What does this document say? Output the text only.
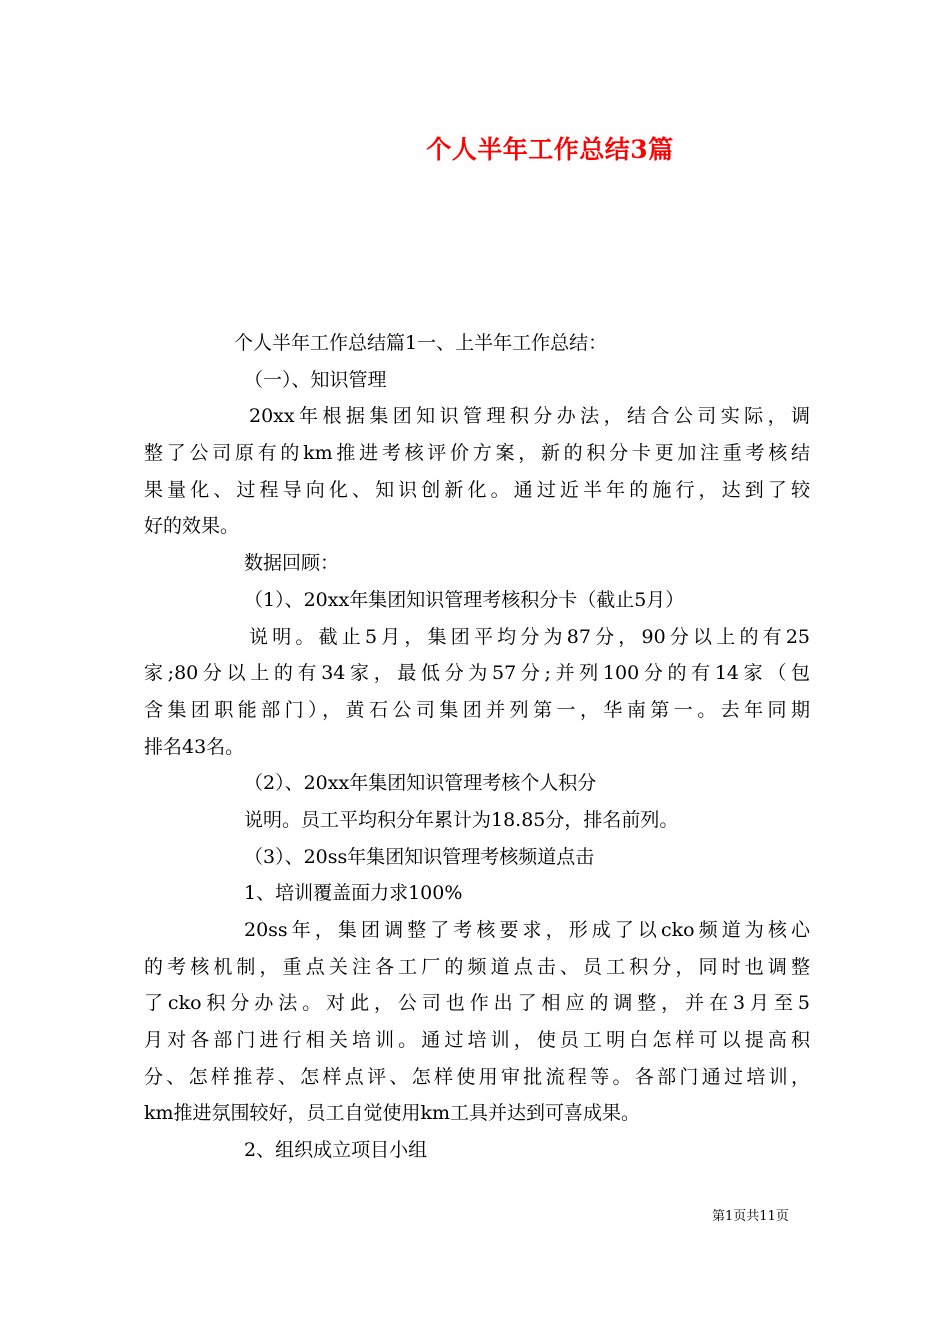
个人半年工作总结3篇
个人半年工作总结篇1一、上半年工作总结：
（一）、知识管理
20xx年根据集团知识管理积分办法，结合公司实际，调
整了公司原有的km推进考核评价方案，新的积分卡更加注重考核结
果量化、过程导向化、知识创新化。通过近半年的施行，达到了较
好的效果。
数据回顾：
（1）、20xx年集团知识管理考核积分卡（截止5月）
说明。截止5月，集团平均分为87分，90分以上的有25
家;80分以上的有34家，最低分为57分;并列100分的有14家（包
含集团职能部门），黄石公司集团并列第一，华南第一。去年同期
排名43名。
（2）、20xx年集团知识管理考核个人积分
说明。员工平均积分年累计为18.85分，排名前列。
（3）、20ss年集团知识管理考核频道点击
1、培训覆盖面力求100%
20ss年，集团调整了考核要求，形成了以cko频道为核心
的考核机制，重点关注各工厂的频道点击、员工积分，同时也调整
了cko积分办法。对此，公司也作出了相应的调整，并在3月至5
月对各部门进行相关培训。通过培训，使员工明白怎样可以提高积
分、怎样推荐、怎样点评、怎样使用审批流程等。各部门通过培训，
km推进氛围较好，员工自觉使用km工具并达到可喜成果。
2、组织成立项目小组
第1页共11页
